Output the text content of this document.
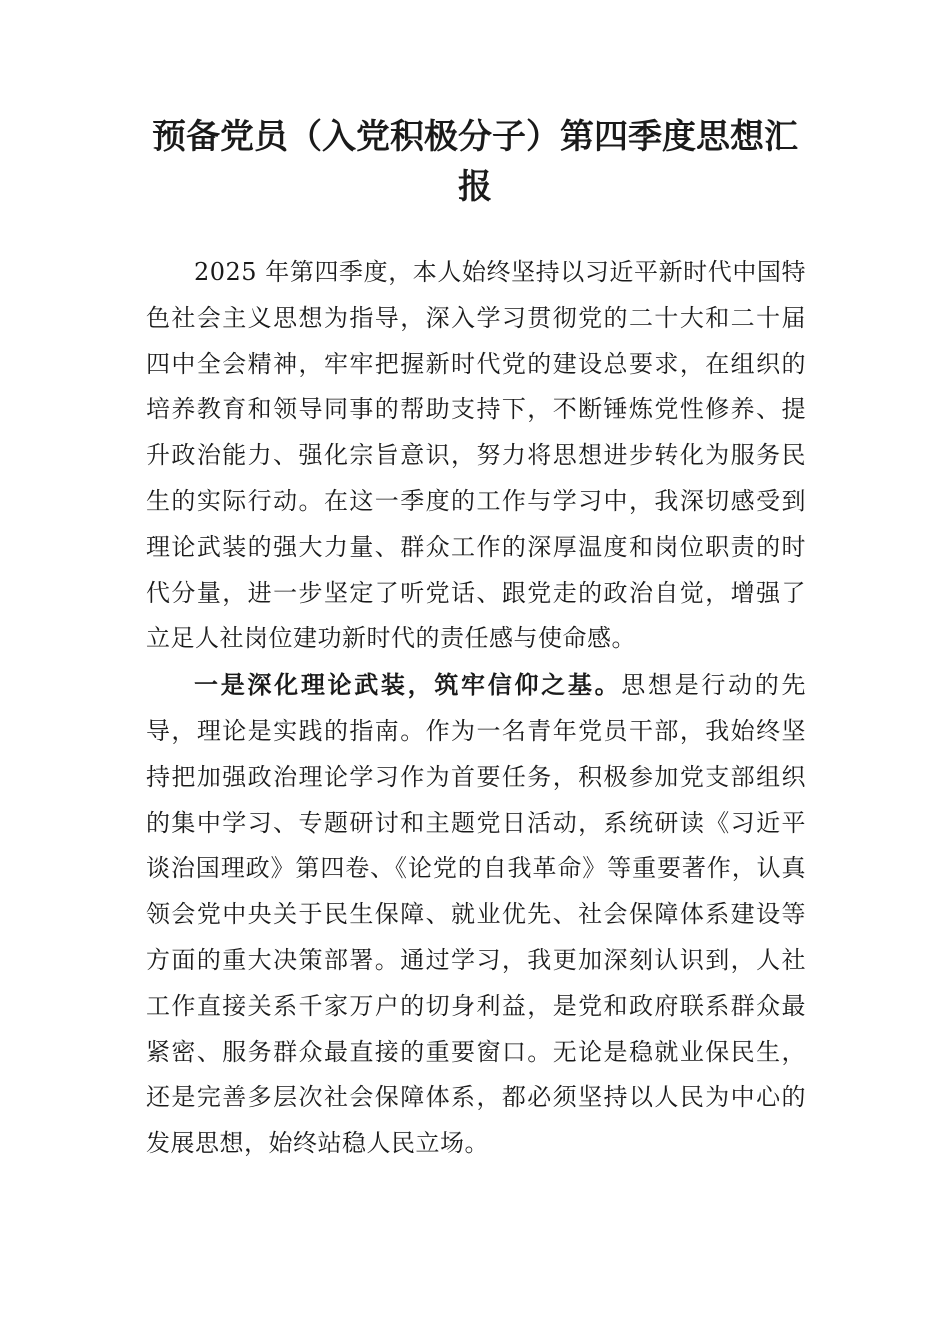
预备党员（入党积极分子）第四季度思想汇报

2025 年第四季度，本人始终坚持以习近平新时代中国特色社会主义思想为指导，深入学习贯彻党的二十大和二十届四中全会精神，牢牢把握新时代党的建设总要求，在组织的培养教育和领导同事的帮助支持下，不断锤炼党性修养、提升政治能力、强化宗旨意识，努力将思想进步转化为服务民生的实际行动。在这一季度的工作与学习中，我深切感受到理论武装的强大力量、群众工作的深厚温度和岗位职责的时代分量，进一步坚定了听党话、跟党走的政治自觉，增强了立足人社岗位建功新时代的责任感与使命感。

一是深化理论武装，筑牢信仰之基。思想是行动的先导，理论是实践的指南。作为一名青年党员干部，我始终坚持把加强政治理论学习作为首要任务，积极参加党支部组织的集中学习、专题研讨和主题党日活动，系统研读《习近平谈治国理政》第四卷、《论党的自我革命》等重要著作，认真领会党中央关于民生保障、就业优先、社会保障体系建设等方面的重大决策部署。通过学习，我更加深刻认识到，人社工作直接关系千家万户的切身利益，是党和政府联系群众最紧密、服务群众最直接的重要窗口。无论是稳就业保民生，还是完善多层次社会保障体系，都必须坚持以人民为中心的发展思想，始终站稳人民立场。
